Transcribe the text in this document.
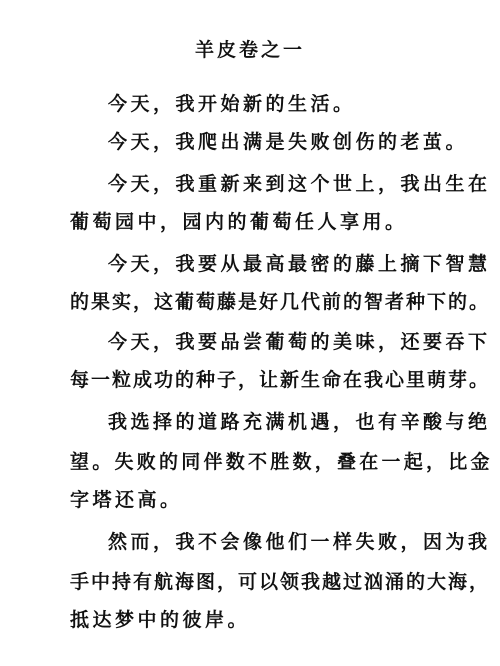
羊皮卷之一
今天，我开始新的生活。
今天，我爬出满是失败创伤的老茧。
今天，我重新来到这个世上，我出生在
葡萄园中，园内的葡萄任人享用。
今天，我要从最高最密的藤上摘下智慧
的果实，这葡萄藤是好几代前的智者种下的。
今天，我要品尝葡萄的美味，还要吞下
每一粒成功的种子，让新生命在我心里萌芽。
我选择的道路充满机遇，也有辛酸与绝
望。失败的同伴数不胜数，叠在一起，比金
字塔还高。
然而，我不会像他们一样失败，因为我
手中持有航海图，可以领我越过汹涌的大海，
抵达梦中的彼岸。
